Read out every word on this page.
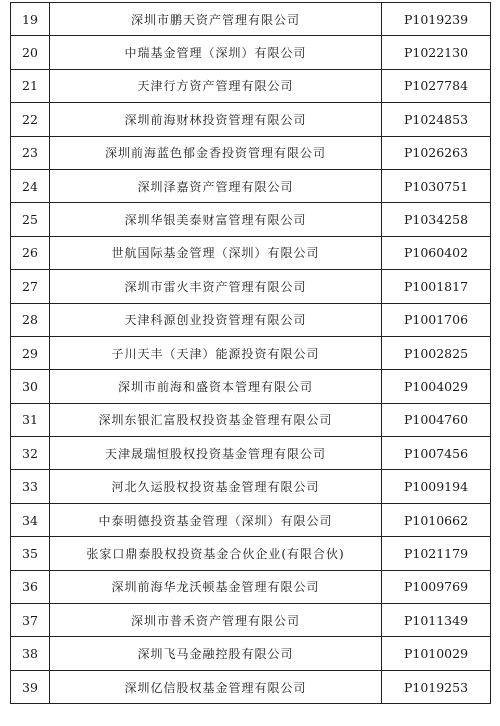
19	深圳市鹏天资产管理有限公司	P1019239
20	中瑞基金管理（深圳）有限公司	P1022130
21	天津行方资产管理有限公司	P1027784
22	深圳前海财林投资管理有限公司	P1024853
23	深圳前海蓝色郁金香投资管理有限公司	P1026263
24	深圳泽嘉资产管理有限公司	P1030751
25	深圳华银美泰财富管理有限公司	P1034258
26	世航国际基金管理（深圳）有限公司	P1060402
27	深圳市雷火丰资产管理有限公司	P1001817
28	天津科源创业投资管理有限公司	P1001706
29	子川天丰（天津）能源投资有限公司	P1002825
30	深圳市前海和盛资本管理有限公司	P1004029
31	深圳东银汇富股权投资基金管理有限公司	P1004760
32	天津晟瑞恒股权投资基金管理有限公司	P1007456
33	河北久运股权投资基金管理有限公司	P1009194
34	中泰明德投资基金管理（深圳）有限公司	P1010662
35	张家口鼎泰股权投资基金合伙企业(有限合伙)	P1021179
36	深圳前海华龙沃顿基金管理有限公司	P1009769
37	深圳市普禾资产管理有限公司	P1011349
38	深圳飞马金融控股有限公司	P1010029
39	深圳亿信股权基金管理有限公司	P1019253
